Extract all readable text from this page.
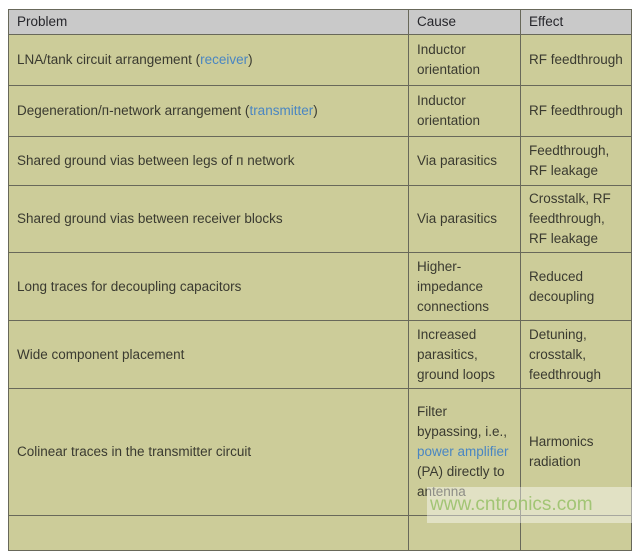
Problem	Cause	Effect
LNA/tank circuit arrangement (receiver)	Inductor orientation	RF feedthrough
Degeneration/п-network arrangement (transmitter)	Inductor orientation	RF feedthrough
Shared ground vias between legs of п network	Via parasitics	Feedthrough, RF leakage
Shared ground vias between receiver blocks	Via parasitics	Crosstalk, RF feedthrough, RF leakage
Long traces for decoupling capacitors	Higher-impedance connections	Reduced decoupling
Wide component placement	Increased parasitics, ground loops	Detuning, crosstalk, feedthrough
Colinear traces in the transmitter circuit	Filter bypassing, i.e., power amplifier (PA) directly to antenna	Harmonics radiation

www.cntronics.com
